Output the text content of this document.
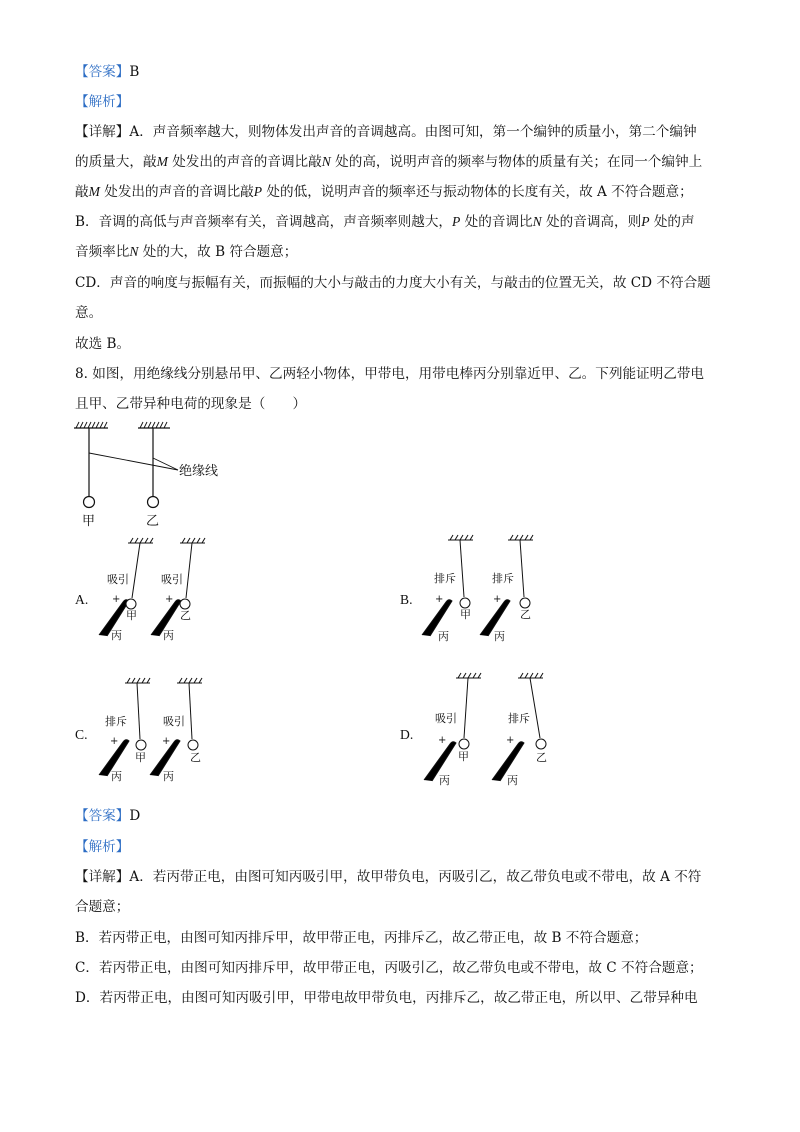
【答案】B
【解析】
【详解】A．声音频率越大，则物体发出声音的音调越高。由图可知，第一个编钟的质量小，第二个编钟
的质量大，敲M 处发出的声音的音调比敲N 处的高，说明声音的频率与物体的质量有关；在同一个编钟上
敲M 处发出的声音的音调比敲P 处的低，说明声音的频率还与振动物体的长度有关，故 A 不符合题意；
B．音调的高低与声音频率有关，音调越高，声音频率则越大，P 处的音调比N 处的音调高，则P 处的声
音频率比N 处的大，故 B 符合题意；
CD．声音的响度与振幅有关，而振幅的大小与敲击的力度大小有关，与敲击的位置无关，故 CD 不符合题
意。
故选 B。
8. 如图，用绝缘线分别悬吊甲、乙两轻小物体，甲带电，用带电棒丙分别靠近甲、乙。下列能证明乙带电
且甲、乙带异种电荷的现象是（　　）
绝缘线
甲	乙
A.	B.
C.	D.
吸引	吸引
+	+
甲	乙
丙	丙
排斥	排斥
+	+
甲	乙
丙	丙
排斥	吸引
+	+
甲	乙
丙	丙
吸引	排斥
+	+
甲	乙
丙	丙
【答案】D
【解析】
【详解】A．若丙带正电，由图可知丙吸引甲，故甲带负电，丙吸引乙，故乙带负电或不带电，故 A 不符
合题意；
B．若丙带正电，由图可知丙排斥甲，故甲带正电，丙排斥乙，故乙带正电，故 B 不符合题意；
C．若丙带正电，由图可知丙排斥甲，故甲带正电，丙吸引乙，故乙带负电或不带电，故 C 不符合题意；
D．若丙带正电，由图可知丙吸引甲，甲带电故甲带负电，丙排斥乙，故乙带正电，所以甲、乙带异种电
